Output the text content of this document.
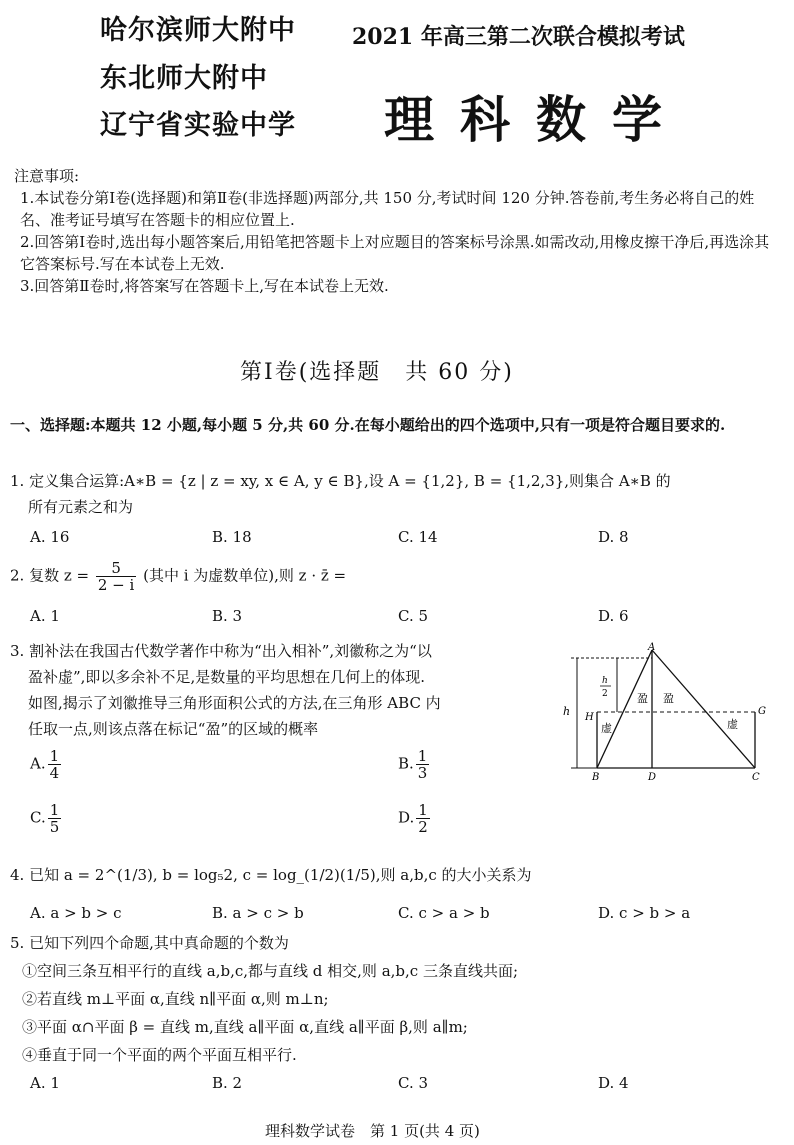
哈尔滨师大附中
东北师大附中
辽宁省实验中学
2021 年高三第二次联合模拟考试
理科数学
注意事项:
1.本试卷分第Ⅰ卷(选择题)和第Ⅱ卷(非选择题)两部分,共 150 分,考试时间 120 分钟.答卷前,考生务必将自己的姓名、准考证号填写在答题卡的相应位置上.
2.回答第Ⅰ卷时,选出每小题答案后,用铅笔把答题卡上对应题目的答案标号涂黑.如需改动,用橡皮擦干净后,再选涂其它答案标号.写在本试卷上无效.
3.回答第Ⅱ卷时,将答案写在答题卡上,写在本试卷上无效.
第Ⅰ卷(选择题　共 60 分)
一、选择题:本题共 12 小题,每小题 5 分,共 60 分.在每小题给出的四个选项中,只有一项是符合题目要求的.
1. 定义集合运算:A∗B = {z | z = xy, x ∈ A, y ∈ B},设 A = {1,2}, B = {1,2,3},则集合 A∗B 的
所有元素之和为
A. 16	B. 18	C. 14	D. 8
2. 复数 $z = \frac{5}{2 - i}$ (其中 i 为虚数单位),则 z · z̄ =
A. 1	B. 3	C. 5	D. 6
3. 割补法在我国古代数学著作中称为“出入相补”,刘徽称之为“以
盈补虚”,即以多余补不足,是数量的平均思想在几何上的体现.
如图,揭示了刘徽推导三角形面积公式的方法,在三角形 ABC 内
任取一点,则该点落在标记“盈”的区域的概率
A. $\frac{1}{4}$	B. $\frac{1}{3}$
C. $\frac{1}{5}$	D. $\frac{1}{2}$
h
h
2
A
B	D	C
G
H
盈 盈
虚	虚
4. 已知 a = 2^(1/3), b = log₅2, c = log_(1/2)(1/5),则 a,b,c 的大小关系为
A. a > b > c	B. a > c > b	C. c > a > b	D. c > b > a
5. 已知下列四个命题,其中真命题的个数为
①空间三条互相平行的直线 a,b,c,都与直线 d 相交,则 a,b,c 三条直线共面;
②若直线 m⊥平面 α,直线 n∥平面 α,则 m⊥n;
③平面 α∩平面 β = 直线 m,直线 a∥平面 α,直线 a∥平面 β,则 a∥m;
④垂直于同一个平面的两个平面互相平行.
A. 1	B. 2	C. 3	D. 4
理科数学试卷　第 1 页(共 4 页)
